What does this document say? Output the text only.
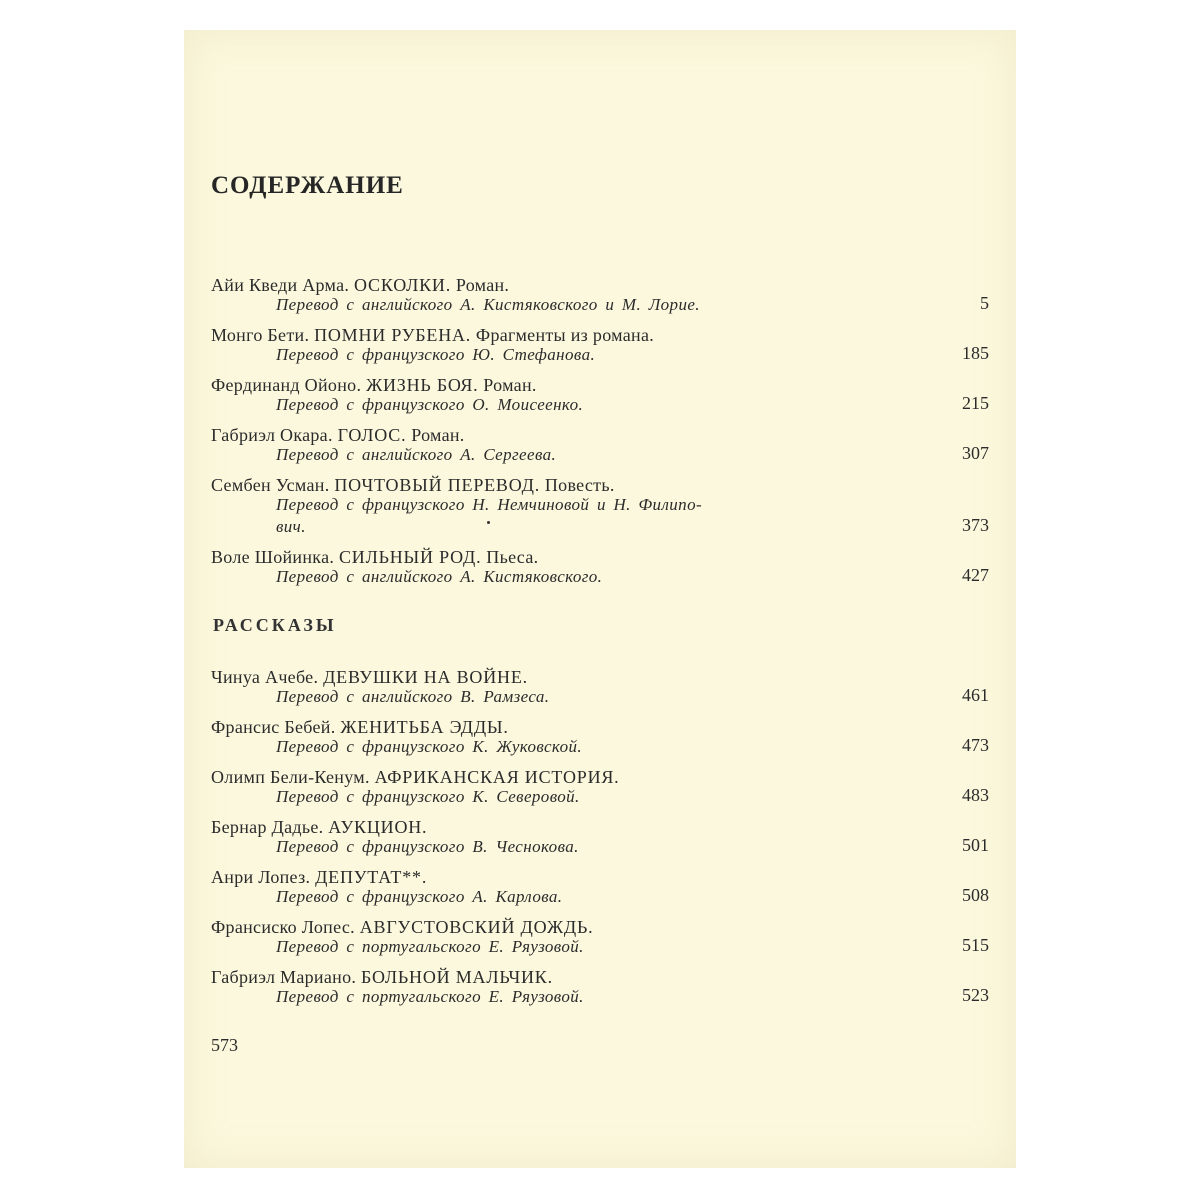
СОДЕРЖАНИЕ
Айи Кведи Арма. ОСКОЛКИ. Роман.
Перевод с английского А. Кистяковского и М. Лорие.	5
Монго Бети. ПОМНИ РУБЕНА. Фрагменты из романа.
Перевод с французского Ю. Стефанова.	185
Фердинанд Ойоно. ЖИЗНЬ БОЯ. Роман.
Перевод с французского О. Моисеенко.	215
Габриэл Окара. ГОЛОС. Роман.
Перевод с английского А. Сергеева.	307
Сембен Усман. ПОЧТОВЫЙ ПЕРЕВОД. Повесть.
Перевод с французского Н. Немчиновой и Н. Филипо-
вич.	373
Воле Шойинка. СИЛЬНЫЙ РОД. Пьеса.
Перевод с английского А. Кистяковского.	427
РАССКАЗЫ
Чинуа Ачебе. ДЕВУШКИ НА ВОЙНЕ.
Перевод с английского В. Рамзеса.	461
Франсис Бебей. ЖЕНИТЬБА ЭДДЫ.
Перевод с французского К. Жуковской.	473
Олимп Бели-Кенум. АФРИКАНСКАЯ ИСТОРИЯ.
Перевод с французского К. Северовой.	483
Бернар Дадье. АУКЦИОН.
Перевод с французского В. Чеснокова.	501
Анри Лопез. ДЕПУТАТ**.
Перевод с французского А. Карлова.	508
Франсиско Лопес. АВГУСТОВСКИЙ ДОЖДЬ.
Перевод с португальского Е. Ряузовой.	515
Габриэл Мариано. БОЛЬНОЙ МАЛЬЧИК.
Перевод с португальского Е. Ряузовой.	523
573
